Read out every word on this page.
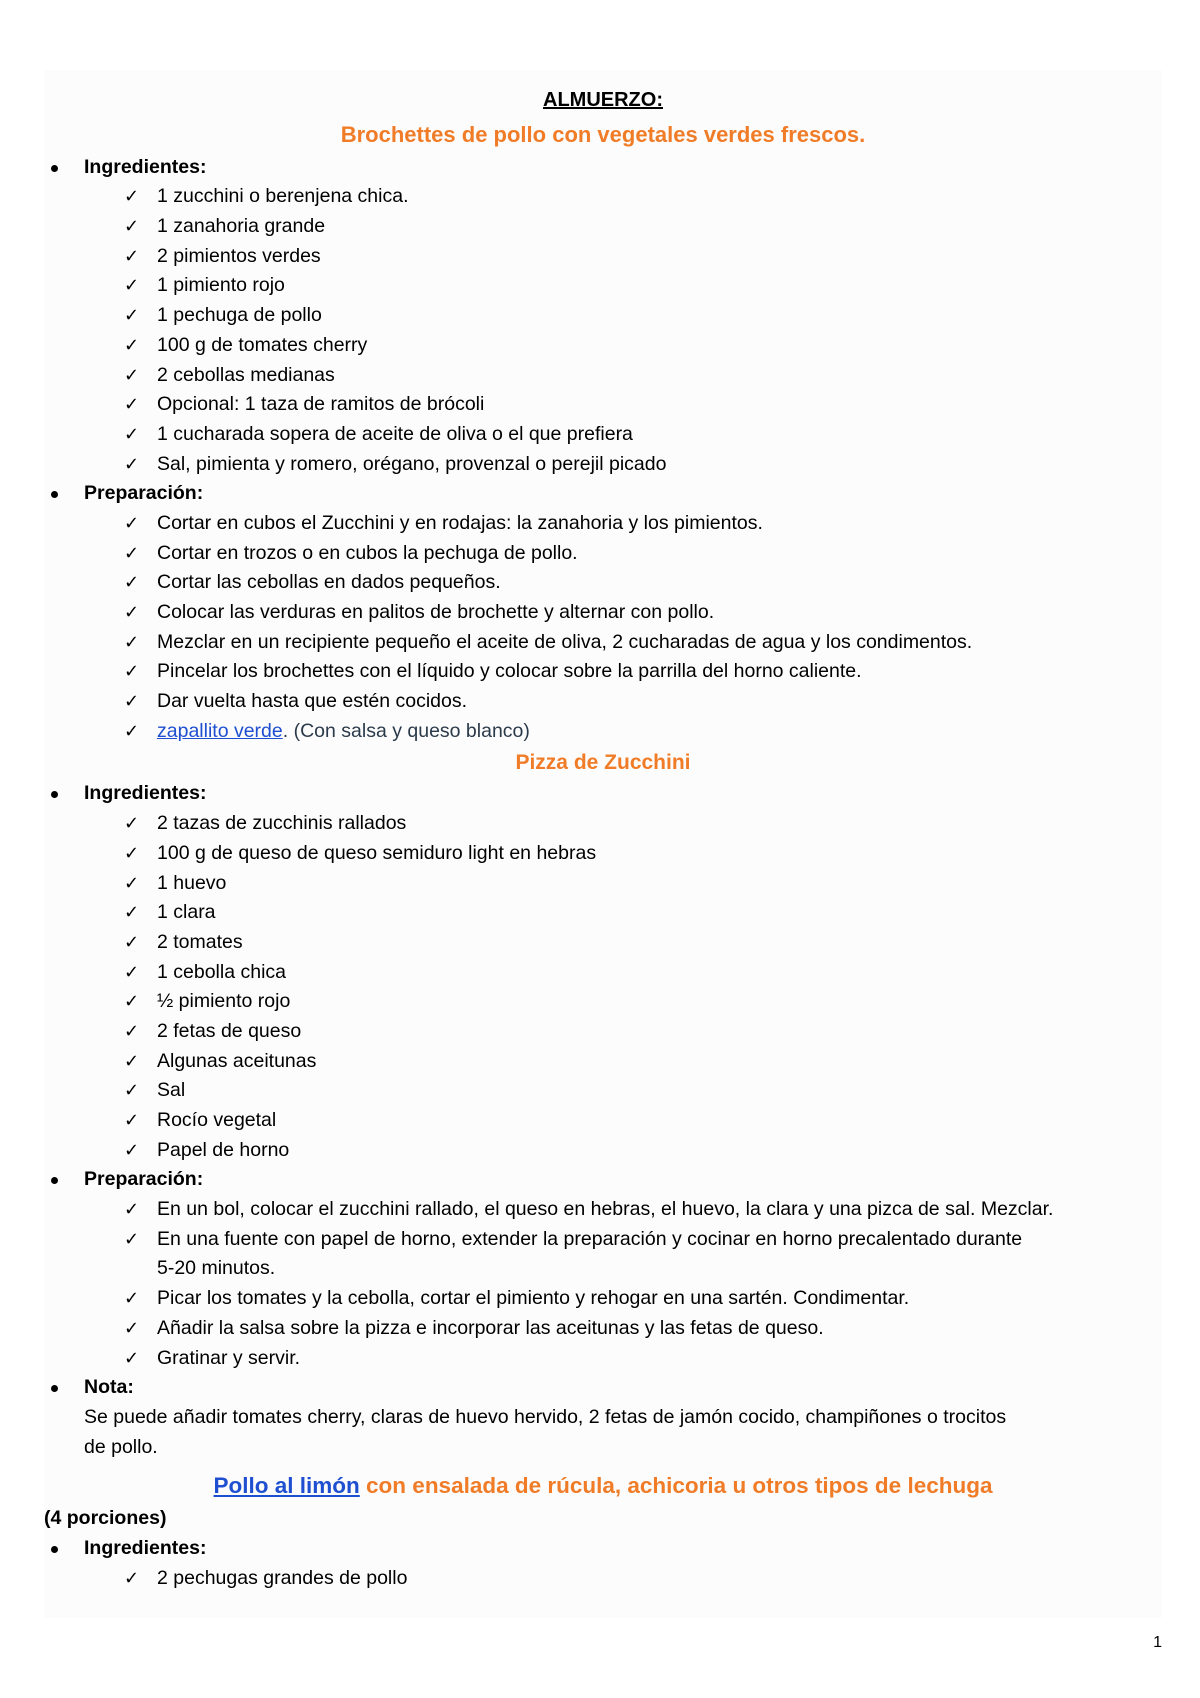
ALMUERZO:
Brochettes de pollo con vegetales verdes frescos.
Ingredientes:
✓ 1 zucchini o berenjena chica.
✓ 1 zanahoria grande
✓ 2 pimientos verdes
✓ 1 pimiento rojo
✓ 1 pechuga de pollo
✓ 100 g de tomates cherry
✓ 2 cebollas medianas
✓ Opcional: 1 taza de ramitos de brócoli
✓ 1 cucharada sopera de aceite de oliva o el que prefiera
✓ Sal, pimienta y romero, orégano, provenzal o perejil picado
Preparación:
✓ Cortar en cubos el Zucchini y en rodajas: la zanahoria y los pimientos.
✓ Cortar en trozos o en cubos la pechuga de pollo.
✓ Cortar las cebollas en dados pequeños.
✓ Colocar las verduras en palitos de brochette y alternar con pollo.
✓ Mezclar en un recipiente pequeño el aceite de oliva, 2 cucharadas de agua y los condimentos.
✓ Pincelar los brochettes con el líquido y colocar sobre la parrilla del horno caliente.
✓ Dar vuelta hasta que estén cocidos.
✓ zapallito verde. (Con salsa y queso blanco)
Pizza de Zucchini
Ingredientes:
✓ 2 tazas de zucchinis rallados
✓ 100 g de queso de queso semiduro light en hebras
✓ 1 huevo
✓ 1 clara
✓ 2 tomates
✓ 1 cebolla chica
✓ ½ pimiento rojo
✓ 2 fetas de queso
✓ Algunas aceitunas
✓ Sal
✓ Rocío vegetal
✓ Papel de horno
Preparación:
✓ En un bol, colocar el zucchini rallado, el queso en hebras, el huevo, la clara y una pizca de sal. Mezclar.
✓ En una fuente con papel de horno, extender la preparación y cocinar en horno precalentado durante
5-20 minutos.
✓ Picar los tomates y la cebolla, cortar el pimiento y rehogar en una sartén. Condimentar.
✓ Añadir la salsa sobre la pizza e incorporar las aceitunas y las fetas de queso.
✓ Gratinar y servir.
Nota:
Se puede añadir tomates cherry, claras de huevo hervido, 2 fetas de jamón cocido, champiñones o trocitos
de pollo.
Pollo al limón con ensalada de rúcula, achicoria u otros tipos de lechuga
(4 porciones)
Ingredientes:
✓ 2 pechugas grandes de pollo
1
